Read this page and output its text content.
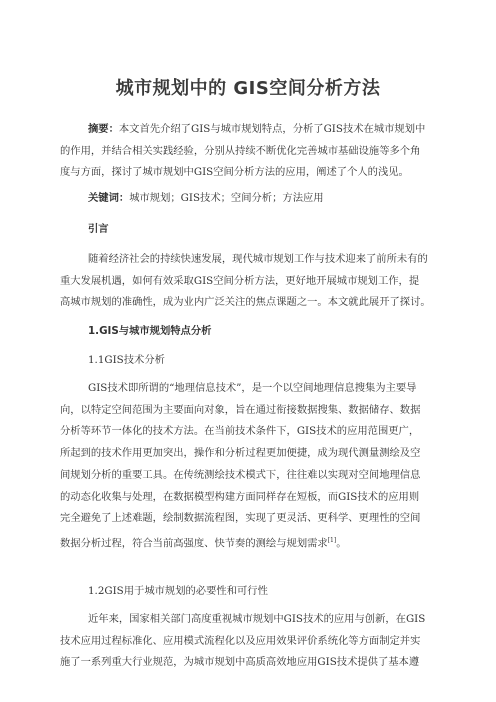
城市规划中的 GIS空间分析方法
摘要：本文首先介绍了GIS与城市规划特点，分析了GIS技术在城市规划中
的作用，并结合相关实践经验，分别从持续不断优化完善城市基础设施等多个角
度与方面，探讨了城市规划中GIS空间分析方法的应用，阐述了个人的浅见。
关键词：城市规划；GIS技术；空间分析；方法应用
引言
随着经济社会的持续快速发展，现代城市规划工作与技术迎来了前所未有的
重大发展机遇，如何有效采取GIS空间分析方法，更好地开展城市规划工作，提
高城市规划的准确性，成为业内广泛关注的焦点课题之一。本文就此展开了探讨。
1.GIS与城市规划特点分析
1.1GIS技术分析
GIS技术即所谓的“地理信息技术”，是一个以空间地理信息搜集为主要导
向，以特定空间范围为主要面向对象，旨在通过衔接数据搜集、数据储存、数据
分析等环节一体化的技术方法。在当前技术条件下，GIS技术的应用范围更广，
所起到的技术作用更加突出，操作和分析过程更加便捷，成为现代测量测绘及空
间规划分析的重要工具。在传统测绘技术模式下，往往难以实现对空间地理信息
的动态化收集与处理，在数据模型构建方面同样存在短板，而GIS技术的应用则
完全避免了上述难题，绘制数据流程图，实现了更灵活、更科学、更理性的空间
数据分析过程，符合当前高强度、快节奏的测绘与规划需求[1]。
1.2GIS用于城市规划的必要性和可行性
近年来，国家相关部门高度重视城市规划中GIS技术的应用与创新，在GIS
技术应用过程标准化、应用模式流程化以及应用效果评价系统化等方面制定并实
施了一系列重大行业规范，为城市规划中高质高效地应用GIS技术提供了基本遵
